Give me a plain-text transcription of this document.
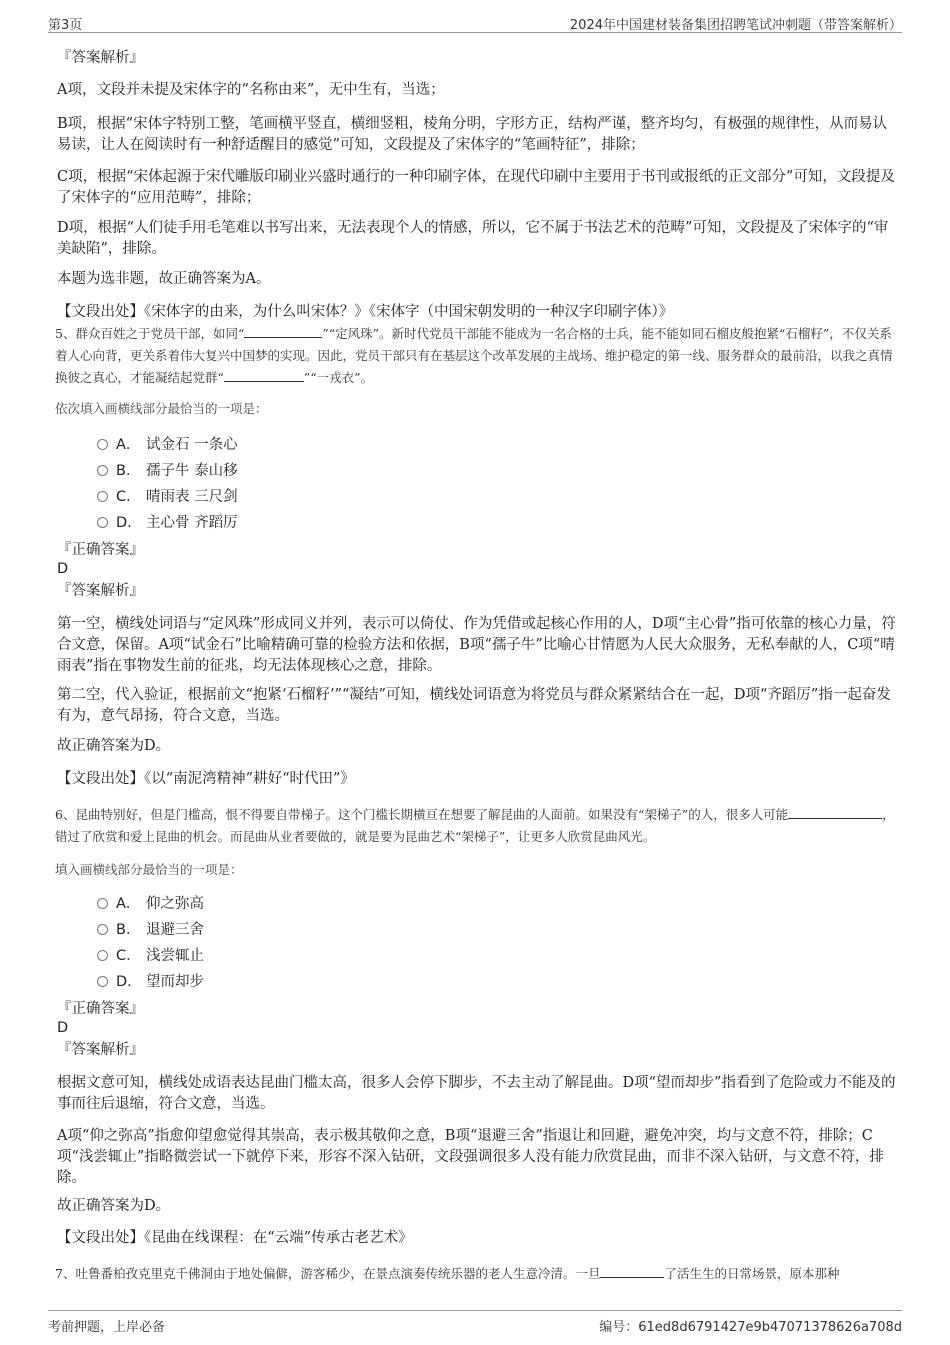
第3页	2024年中国建材装备集团招聘笔试冲刺题（带答案解析）
『答案解析』
A项，文段并未提及宋体字的“名称由来”，无中生有，当选；
B项，根据“宋体字特别工整，笔画横平竖直，横细竖粗，棱角分明，字形方正，结构严谨，整齐均匀，有极强的规律性，从而易认易读，让人在阅读时有一种舒适醒目的感觉”可知，文段提及了宋体字的“笔画特征”，排除；
C项，根据“宋体起源于宋代雕版印刷业兴盛时通行的一种印刷字体，在现代印刷中主要用于书刊或报纸的正文部分”可知，文段提及了宋体字的“应用范畴”，排除；
D项，根据“人们徒手用毛笔难以书写出来，无法表现个人的情感，所以，它不属于书法艺术的范畴”可知，文段提及了宋体字的“审美缺陷”，排除。
本题为选非题，故正确答案为A。
【文段出处】《宋体字的由来，为什么叫宋体？》《宋体字（中国宋朝发明的一种汉字印刷字体）》
5、群众百姓之于党员干部，如同“	”“定风珠”。新时代党员干部能不能成为一名合格的士兵，能不能如同石榴皮般抱紧“石榴籽”，不仅关系着人心向背，更关系着伟大复兴中国梦的实现。因此，党员干部只有在基层这个改革发展的主战场、维护稳定的第一线、服务群众的最前沿，以我之真情换彼之真心，才能凝结起党群“	”“一戎衣”。
依次填入画横线部分最恰当的一项是：
A． 试金石 一条心
B． 孺子牛 泰山移
C． 晴雨表 三尺剑
D． 主心骨 齐蹈厉
『正确答案』
D
『答案解析』
第一空，横线处词语与“定风珠”形成同义并列，表示可以倚仗、作为凭借或起核心作用的人，D项“主心骨”指可依靠的核心力量，符合文意，保留。A项“试金石”比喻精确可靠的检验方法和依据，B项“孺子牛”比喻心甘情愿为人民大众服务，无私奉献的人，C项“晴雨表”指在事物发生前的征兆，均无法体现核心之意，排除。
第二空，代入验证，根据前文“抱紧‘石榴籽’”“凝结”可知，横线处词语意为将党员与群众紧紧结合在一起，D项“齐蹈厉”指一起奋发有为，意气昂扬，符合文意，当选。
故正确答案为D。
【文段出处】《以“南泥湾精神”耕好“时代田”》
6、昆曲特别好，但是门槛高，恨不得要自带梯子。这个门槛长期横亘在想要了解昆曲的人面前。如果没有“架梯子”的人，很多人可能	，错过了欣赏和爱上昆曲的机会。而昆曲从业者要做的，就是要为昆曲艺术“架梯子”，让更多人欣赏昆曲风光。
填入画横线部分最恰当的一项是：
A． 仰之弥高
B． 退避三舍
C． 浅尝辄止
D． 望而却步
『正确答案』
D
『答案解析』
根据文意可知，横线处成语表达昆曲门槛太高，很多人会停下脚步，不去主动了解昆曲。D项“望而却步”指看到了危险或力不能及的事而往后退缩，符合文意，当选。
A项“仰之弥高”指愈仰望愈觉得其崇高，表示极其敬仰之意，B项“退避三舍”指退让和回避，避免冲突，均与文意不符，排除；C项“浅尝辄止”指略微尝试一下就停下来，形容不深入钻研，文段强调很多人没有能力欣赏昆曲，而非不深入钻研，与文意不符，排除。
故正确答案为D。
【文段出处】《昆曲在线课程：在“云端”传承古老艺术》
7、吐鲁番柏孜克里克千佛洞由于地处偏僻，游客稀少，在景点演奏传统乐器的老人生意冷清。一旦	了活生生的日常场景，原本那种
考前押题，上岸必备	编号：61ed8d6791427e9b47071378626a708d
